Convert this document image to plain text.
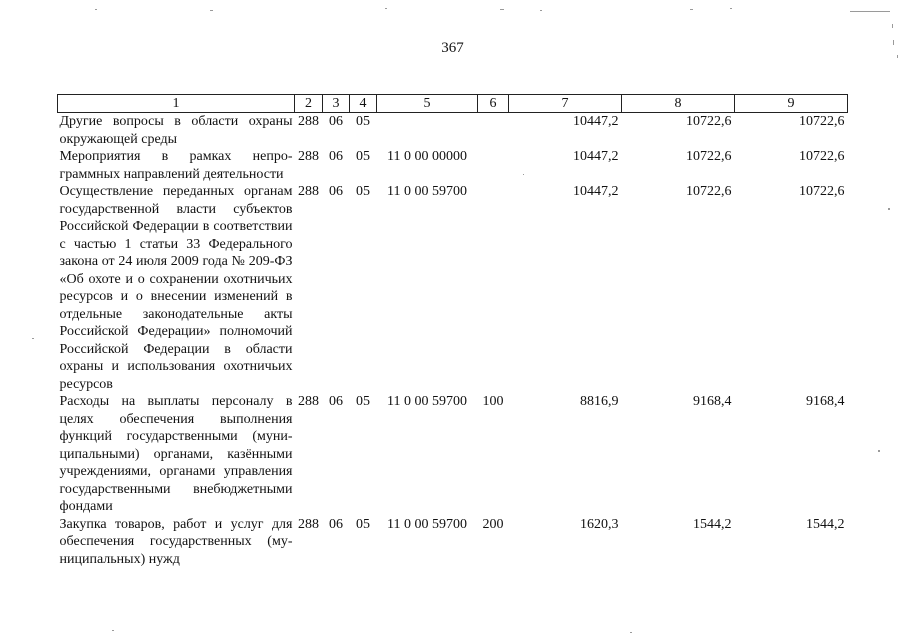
367
1	2	3	4	5	6	7	8	9
Другие вопросы в области охраны окружающей среды	288	06	05			10447,2	10722,6	10722,6
Мероприятия в рамках непрограммных направлений деятельности	288	06	05	11 0 00 00000		10447,2	10722,6	10722,6
Осуществление переданных органам государственной власти субъектов Российской Федерации в соответствии с частью 1 статьи 33 Федерального закона от 24 июля 2009 года № 209-ФЗ «Об охоте и о сохранении охотничьих ресурсов и о внесении изменений в отдельные законодательные акты Российской Федерации» полномочий Российской Федерации в области охраны и использования охотничьих ресурсов	288	06	05	11 0 00 59700		10447,2	10722,6	10722,6
Расходы на выплаты персоналу в целях обеспечения выполнения функций государственными (муниципальными) органами, казёнными учреждениями, органами управления государственными внебюджетными фондами	288	06	05	11 0 00 59700	100	8816,9	9168,4	9168,4
Закупка товаров, работ и услуг для обеспечения государственных (муниципальных) нужд	288	06	05	11 0 00 59700	200	1620,3	1544,2	1544,2
